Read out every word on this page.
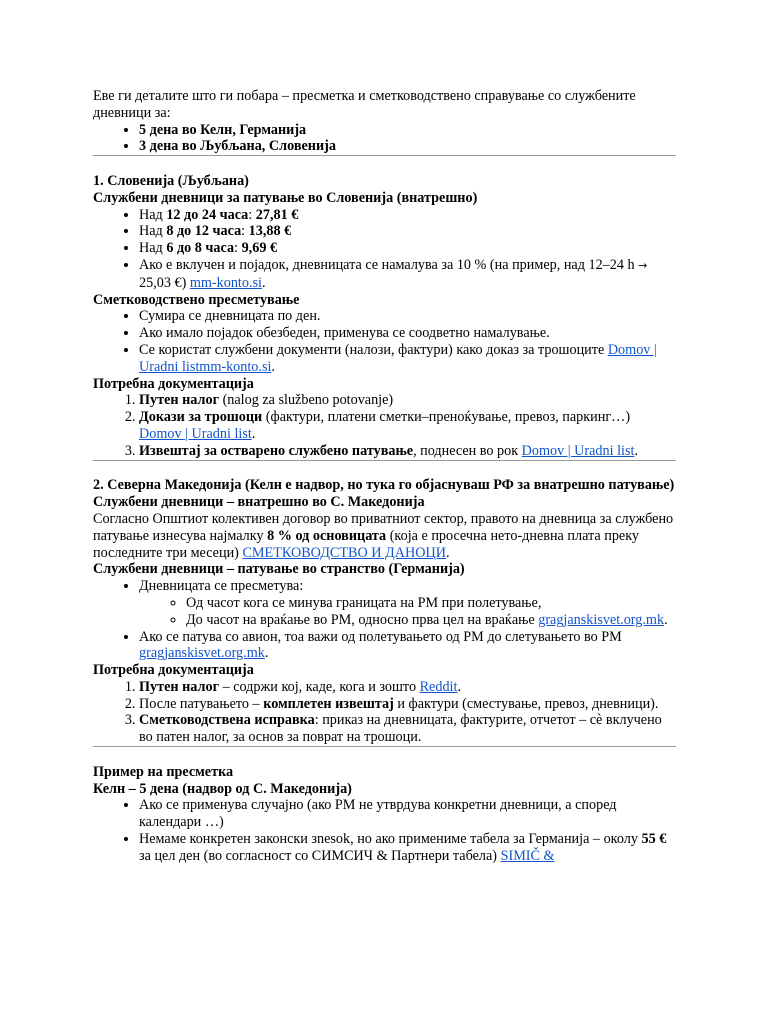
Еве ги деталите што ги побара – пресметка и сметководствено справување со службените дневници за:

• 5 дена во Келн, Германија
• 3 дена во Љубљана, Словенија

1. Словенија (Љубљана)

Службени дневници за патување во Словенија (внатрешно)

• Над 12 до 24 часа: 27,81 €
• Над 8 до 12 часа: 13,88 €
• Над 6 до 8 часа: 9,69 €
• Ако е вклучен и појадок, дневницата се намалува за 10 % (на пример, над 12–24 h → 25,03 €) mm-konto.si.

Сметководствено пресметување

• Сумира се дневницата по ден.
• Ако имало појадок обезбеден, применува се соодветно намалување.
• Се користат службени документи (налози, фактури) како доказ за трошоците Domov | Uradni listmm-konto.si.

Потребна документација

1. Путен налог (nalog za službeno potovanje)
2. Докази за трошоци (фактури, платени сметки–пренoќување, превоз, паркинг…) Domov | Uradni list.
3. Извештај за остварено службено патување, поднесен во рок Domov | Uradni list.

2. Северна Македонија (Келн е надвор, но тука го објаснуваш РФ за внатрешно патување)

Службени дневници – внатрешно во С. Македонија

Согласно Општиот колективен договор во приватниот сектор, правото на дневница за службено патување изнесува најмалку 8 % од основицата (која е просечна нето-дневна плата преку последните три месеци) СМЕТКОВОДСТВО И ДАНОЦИ.

Службени дневници – патување во странство (Германија)

• Дневницата се пресметува:
◦ Од часот кога се минува границата на РМ при полетување,
◦ До часот на враќање во РМ, односно прва цел на враќање gragjanskisvet.org.mk.
• Ако се патува со авион, тоа важи од полетувањето од РМ до слетувањето во РМ gragjanskisvet.org.mk.

Потребна документација

1. Путен налог – содржи кој, каде, кога и зошто Reddit.
2. После патувањето – комплетен извештај и фактури (сместување, превоз, дневници).
3. Сметководствена исправка: приказ на дневницата, фактурите, отчетот – сè вклучено во патен налог, за основ за поврат на трошоци.

Пример на пресметка

Келн – 5 дена (надвор од С. Македонија)

• Ако се применува случајно (ако РМ не утврдува конкретни дневници, а според календари …)
• Немаме конкретен законски зnesok, но ако примениме табела за Германија – околу 55 € за цел ден (во согласност со СИМСИЧ & Партнери табела) SIMIČ &
